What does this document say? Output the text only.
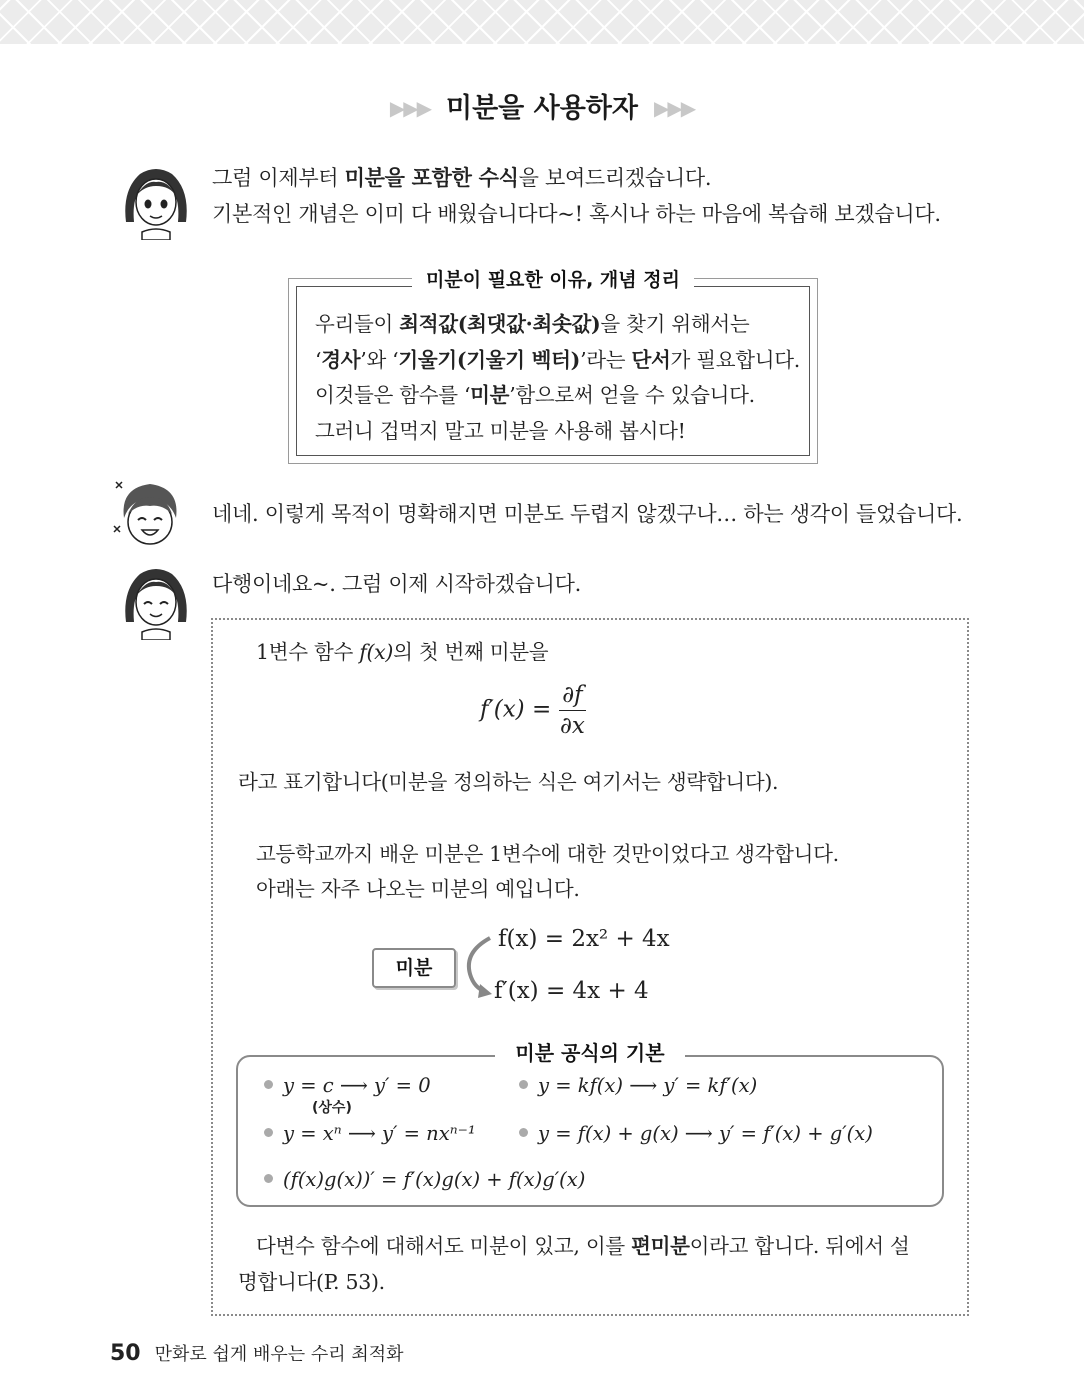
▶▶▶ 미분을 사용하자 ▶▶▶
그럼 이제부터 미분을 포함한 수식을 보여드리겠습니다.
기본적인 개념은 이미 다 배웠습니다다~! 혹시나 하는 마음에 복습해 보겠습니다.
미분이 필요한 이유, 개념 정리
우리들이 최적값(최댓값·최솟값)을 찾기 위해서는
‘경사’와 ‘기울기(기울기 벡터)’라는 단서가 필요합니다.
이것들은 함수를 ‘미분’함으로써 얻을 수 있습니다.
그러니 겁먹지 말고 미분을 사용해 봅시다!
네네. 이렇게 목적이 명확해지면 미분도 두렵지 않겠구나… 하는 생각이 들었습니다.
다행이네요~. 그럼 이제 시작하겠습니다.
1변수 함수 f(x)의 첫 번째 미분을
$f'(x) = \frac{\partial f}{\partial x}$
라고 표기합니다(미분을 정의하는 식은 여기서는 생략합니다).
고등학교까지 배운 미분은 1변수에 대한 것만이었다고 생각합니다.
아래는 자주 나오는 미분의 예입니다.
미분
f(x) = 2x² + 4x
f′(x) = 4x + 4
미분 공식의 기본
y = c ⟶ y′ = 0
(상수)
y = kf(x) ⟶ y′ = kf′(x)
y = xⁿ ⟶ y′ = nxⁿ⁻¹	y = f(x) + g(x) ⟶ y′ = f′(x) + g′(x)
(f(x)g(x))′ = f′(x)g(x) + f(x)g′(x)
다변수 함수에 대해서도 미분이 있고, 이를 편미분이라고 합니다. 뒤에서 설
명합니다(P. 53).
50 만화로 쉽게 배우는 수리 최적화
